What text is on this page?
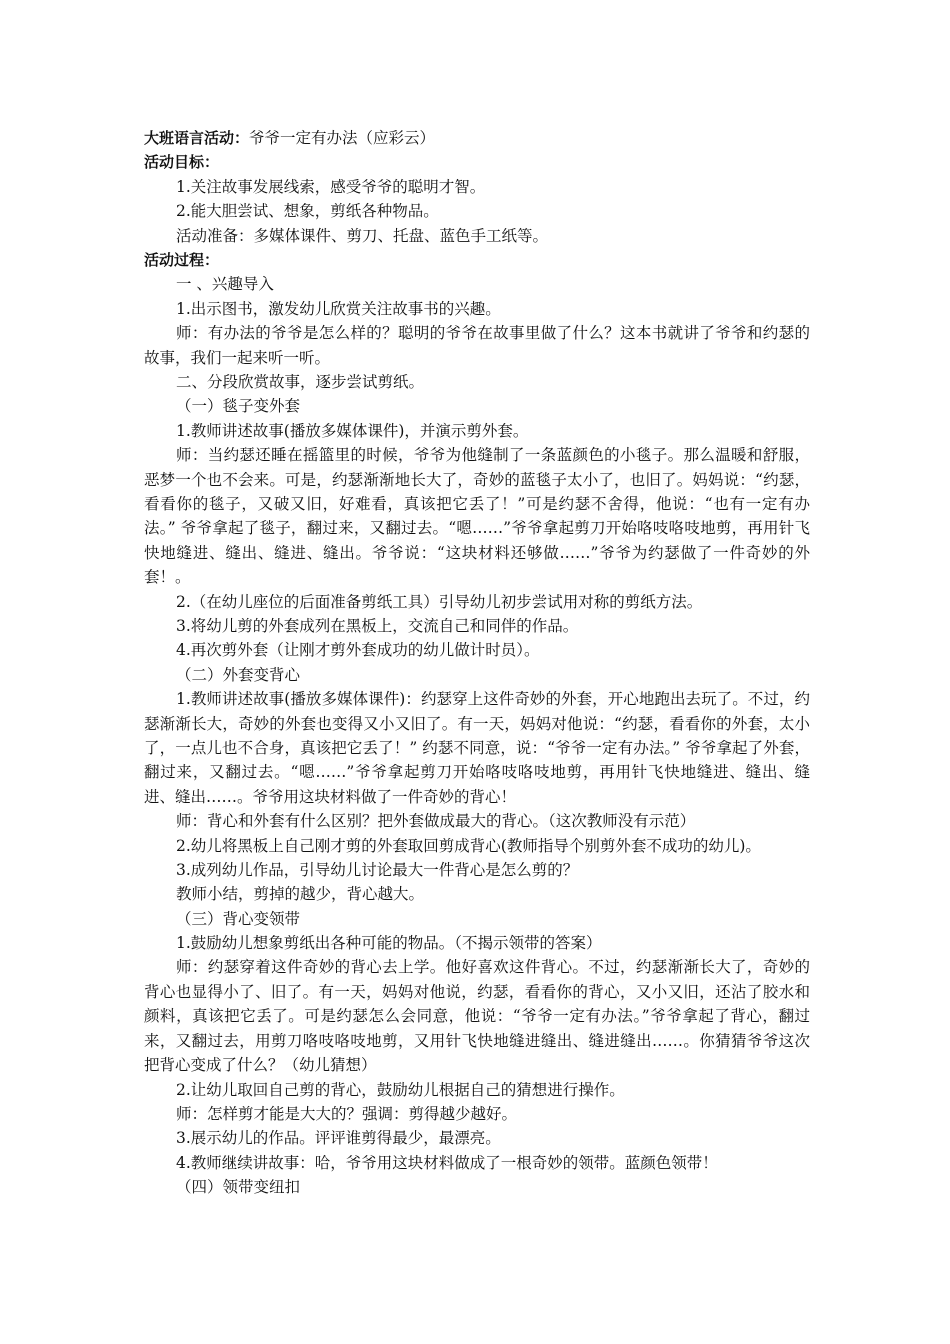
大班语言活动：爷爷一定有办法（应彩云）
活动目标：
1.关注故事发展线索，感受爷爷的聪明才智。
2.能大胆尝试、想象，剪纸各种物品。
活动准备：多媒体课件、剪刀、托盘、蓝色手工纸等。
活动过程：
一 、兴趣导入
1.出示图书，激发幼儿欣赏关注故事书的兴趣。

师：有办法的爷爷是怎么样的？聪明的爷爷在故事里做了什么？这本书就讲了爷爷和约瑟的故事，我们一起来听一听。

二、分段欣赏故事，逐步尝试剪纸。
（一）毯子变外套
1.教师讲述故事(播放多媒体课件)，并演示剪外套。

师：当约瑟还睡在摇篮里的时候，爷爷为他缝制了一条蓝颜色的小毯子。那么温暖和舒服，恶梦一个也不会来。可是，约瑟渐渐地长大了，奇妙的蓝毯子太小了，也旧了。妈妈说：“约瑟，看看你的毯子，又破又旧，好难看，真该把它丢了！”可是约瑟不舍得，他说：“也有一定有办法。” 爷爷拿起了毯子，翻过来，又翻过去。“嗯……”爷爷拿起剪刀开始咯吱咯吱地剪，再用针飞快地缝进、缝出、缝进、缝出。爷爷说：“这块材料还够做……”爷爷为约瑟做了一件奇妙的外套！。

2.（在幼儿座位的后面准备剪纸工具）引导幼儿初步尝试用对称的剪纸方法。
3.将幼儿剪的外套成列在黑板上，交流自己和同伴的作品。
4.再次剪外套（让刚才剪外套成功的幼儿做计时员）。
（二）外套变背心

1.教师讲述故事(播放多媒体课件)：约瑟穿上这件奇妙的外套，开心地跑出去玩了。不过，约瑟渐渐长大，奇妙的外套也变得又小又旧了。有一天，妈妈对他说：“约瑟，看看你的外套，太小了，一点儿也不合身，真该把它丢了！” 约瑟不同意，说：“爷爷一定有办法。” 爷爷拿起了外套，翻过来，又翻过去。“嗯……”爷爷拿起剪刀开始咯吱咯吱地剪，再用针飞快地缝进、缝出、缝进、缝出……。爷爷用这块材料做了一件奇妙的背心！

师：背心和外套有什么区别？把外套做成最大的背心。（这次教师没有示范）
2.幼儿将黑板上自己刚才剪的外套取回剪成背心(教师指导个别剪外套不成功的幼儿)。
3.成列幼儿作品，引导幼儿讨论最大一件背心是怎么剪的？
教师小结，剪掉的越少，背心越大。
（三）背心变领带
1.鼓励幼儿想象剪纸出各种可能的物品。（不揭示领带的答案）

师：约瑟穿着这件奇妙的背心去上学。他好喜欢这件背心。不过，约瑟渐渐长大了，奇妙的背心也显得小了、旧了。有一天，妈妈对他说，约瑟，看看你的背心，又小又旧，还沾了胶水和颜料，真该把它丢了。可是约瑟怎么会同意，他说：“爷爷一定有办法。”爷爷拿起了背心，翻过来，又翻过去，用剪刀咯吱咯吱地剪，又用针飞快地缝进缝出、缝进缝出……。你猜猜爷爷这次把背心变成了什么？（幼儿猜想）

2.让幼儿取回自己剪的背心，鼓励幼儿根据自己的猜想进行操作。
师：怎样剪才能是大大的？强调：剪得越少越好。
3.展示幼儿的作品。评评谁剪得最少，最漂亮。
4.教师继续讲故事：哈，爷爷用这块材料做成了一根奇妙的领带。蓝颜色领带！
（四）领带变纽扣
